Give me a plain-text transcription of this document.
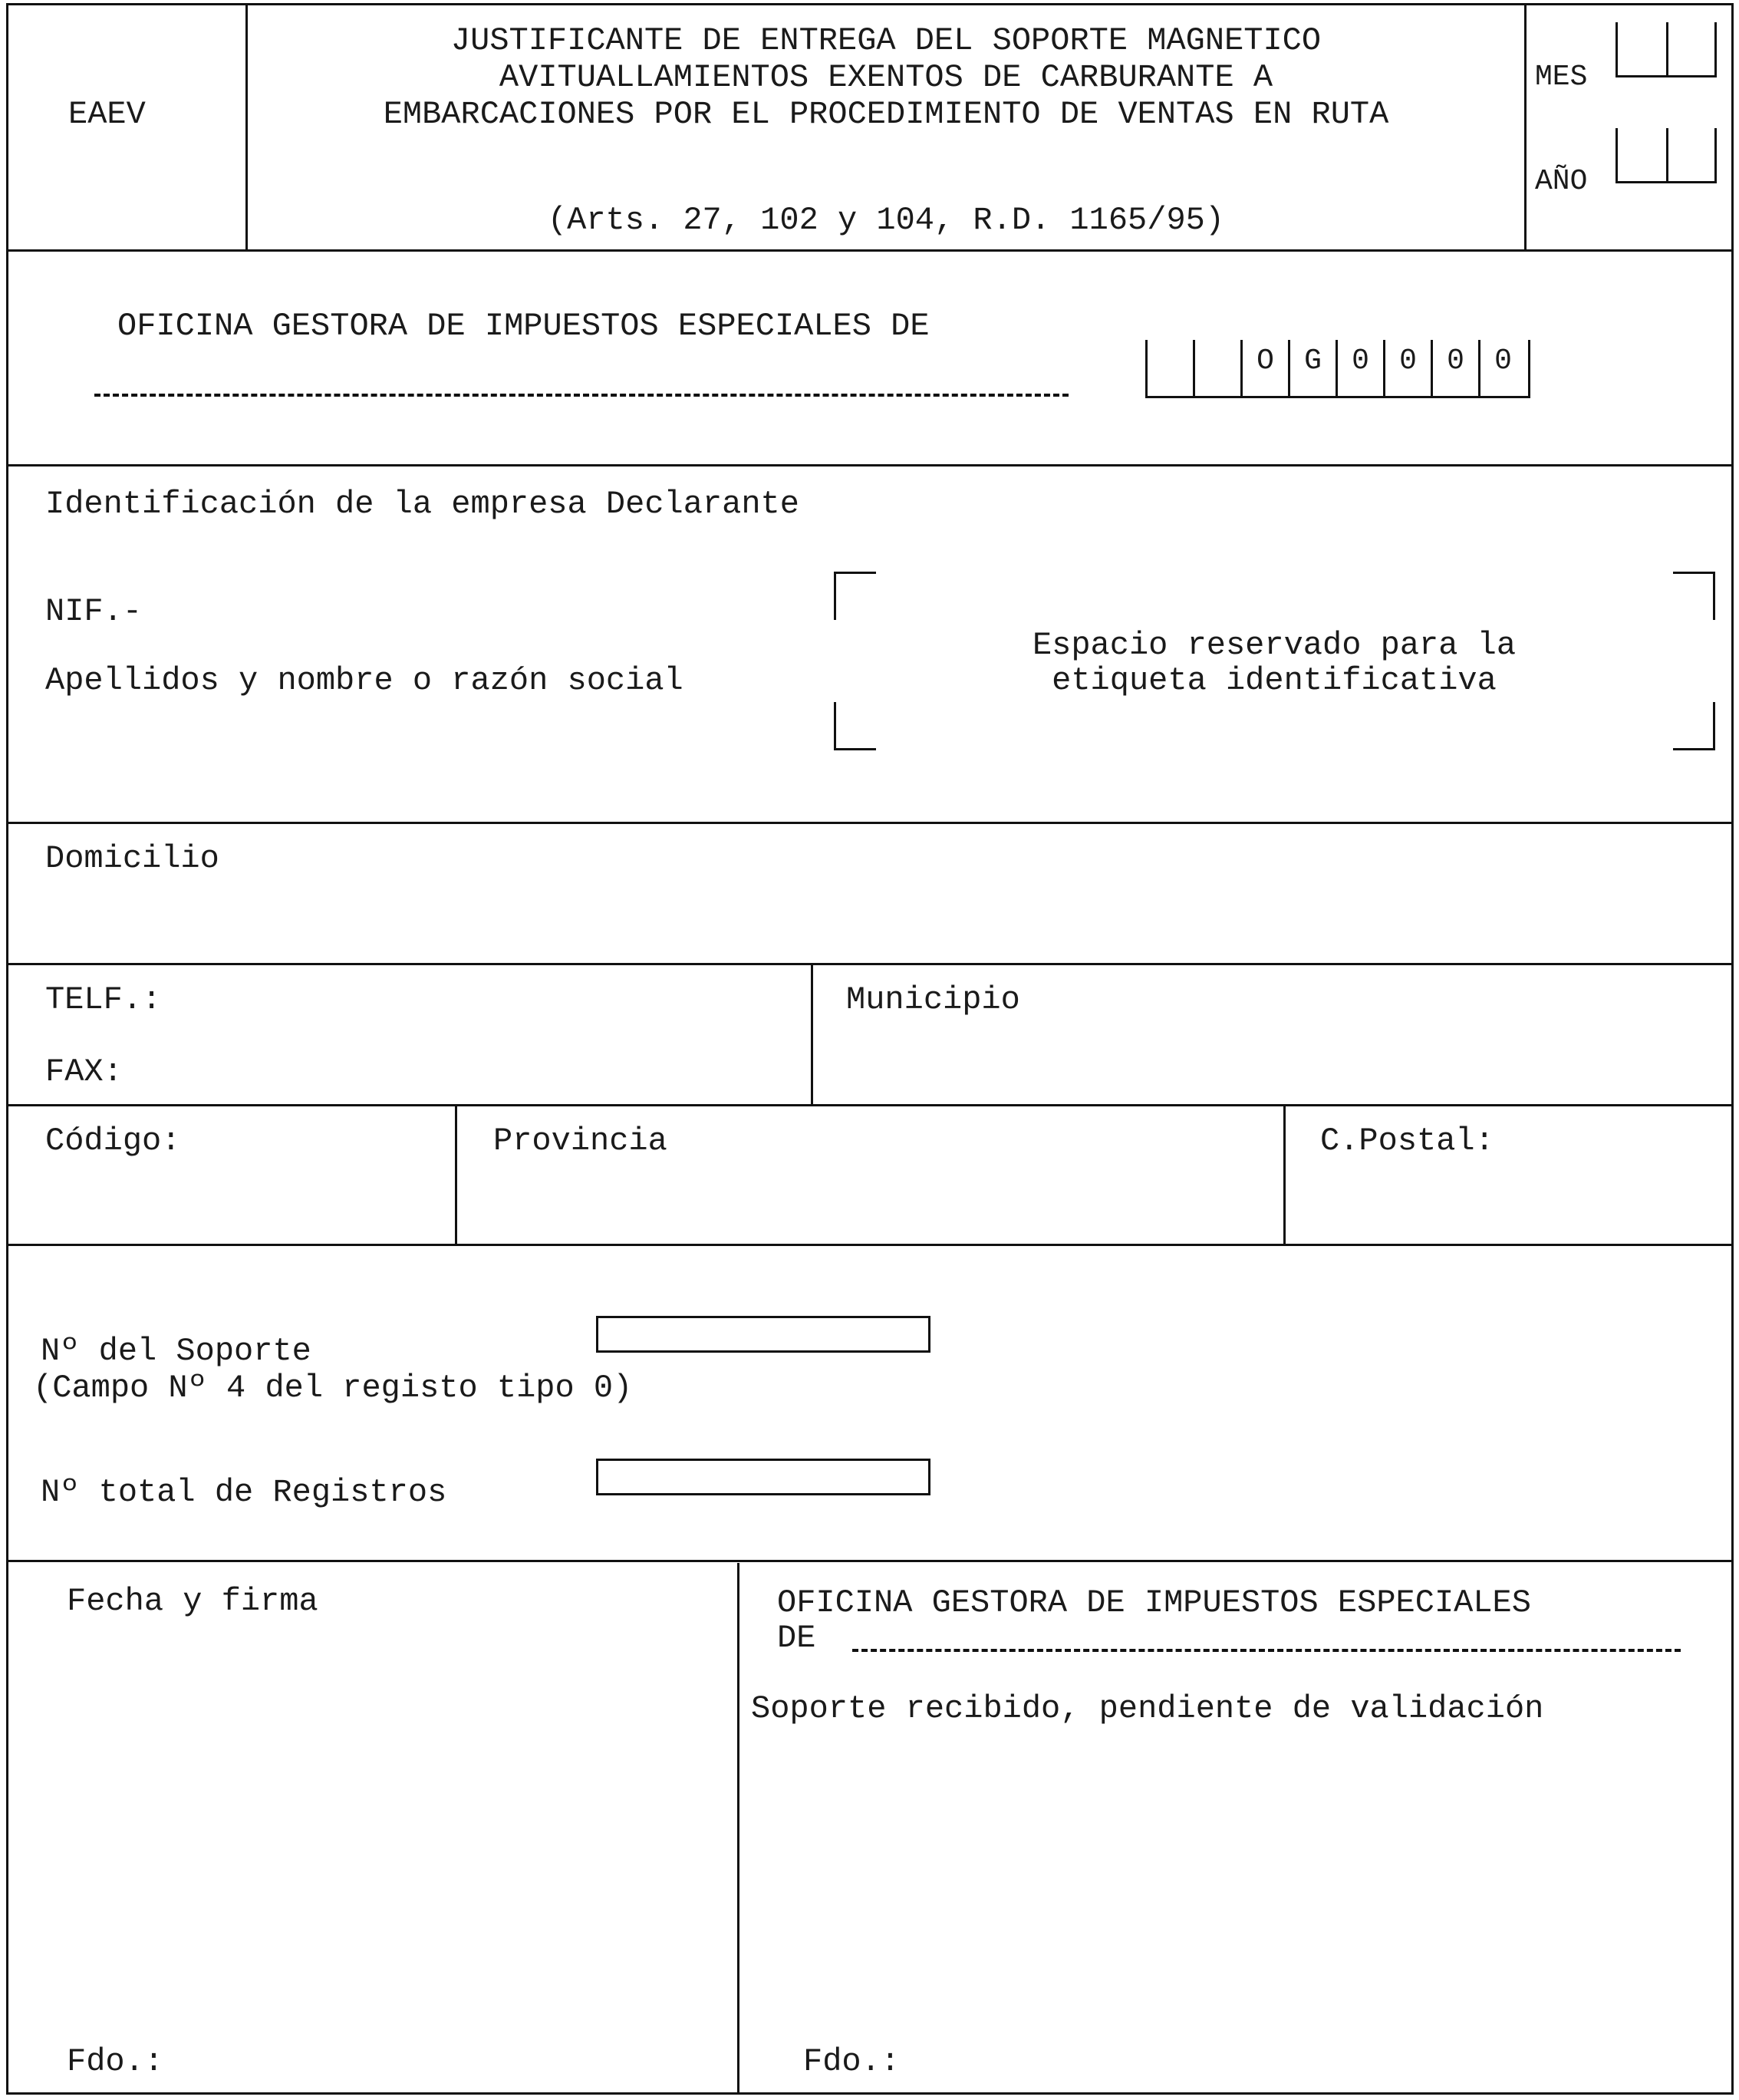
EAEV
JUSTIFICANTE DE ENTREGA DEL SOPORTE MAGNETICO
AVITUALLAMIENTOS EXENTOS DE CARBURANTE A
EMBARCACIONES POR EL PROCEDIMIENTO DE VENTAS EN RUTA
(Arts. 27, 102 y 104, R.D. 1165/95)
MES
AÑO
OFICINA GESTORA DE IMPUESTOS ESPECIALES DE
O	G	0	0	0	0
Identificación de la empresa Declarante
NIF.-
Apellidos y nombre o razón social
Espacio reservado para la
etiqueta identificativa
Domicilio
TELF.:
FAX:
Municipio
Código:	Provincia	C.Postal:
Nº del Soporte
(Campo Nº 4 del registo tipo 0)
Nº total de Registros
Fecha y firma
Fdo.:
OFICINA GESTORA DE IMPUESTOS ESPECIALES
DE
Soporte recibido, pendiente de validación
Fdo.:
